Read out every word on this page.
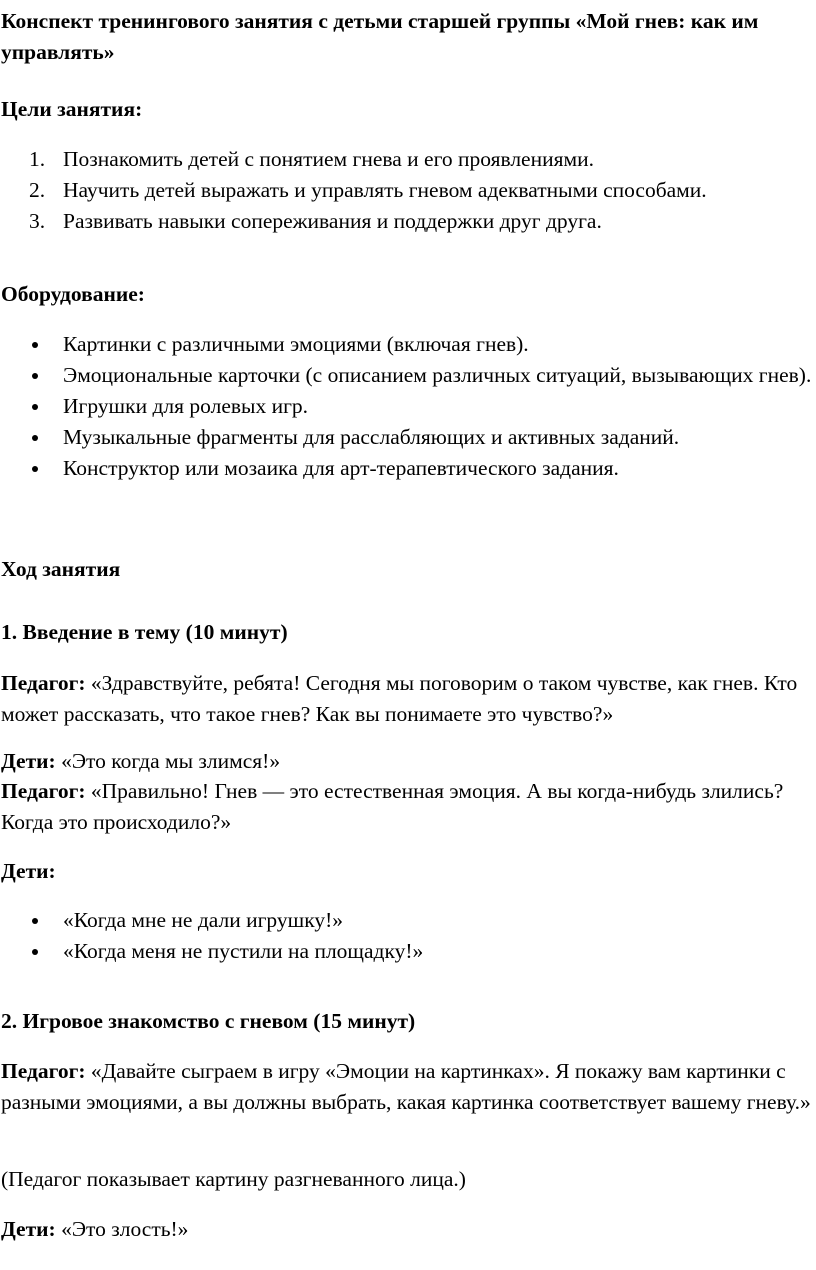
Конспект тренингового занятия с детьми старшей группы «Мой гнев: как им управлять»

Цели занятия:

1. Познакомить детей с понятием гнева и его проявлениями.
2. Научить детей выражать и управлять гневом адекватными способами.
3. Развивать навыки сопереживания и поддержки друг друга.

Оборудование:

Картинки с различными эмоциями (включая гнев).
Эмоциональные карточки (с описанием различных ситуаций, вызывающих гнев).
Игрушки для ролевых игр.
Музыкальные фрагменты для расслабляющих и активных заданий.
Конструктор или мозаика для арт-терапевтического задания.

Ход занятия

1. Введение в тему (10 минут)

Педагог: «Здравствуйте, ребята! Сегодня мы поговорим о таком чувстве, как гнев. Кто может рассказать, что такое гнев? Как вы понимаете это чувство?»

Дети: «Это когда мы злимся!»

Педагог: «Правильно! Гнев — это естественная эмоция. А вы когда-нибудь злились? Когда это происходило?»

Дети:

«Когда мне не дали игрушку!»
«Когда меня не пустили на площадку!»

2. Игровое знакомство с гневом (15 минут)

Педагог: «Давайте сыграем в игру «Эмоции на картинках». Я покажу вам картинки с разными эмоциями, а вы должны выбрать, какая картинка соответствует вашему гневу.»

(Педагог показывает картину разгневанного лица.)

Дети: «Это злость!»
